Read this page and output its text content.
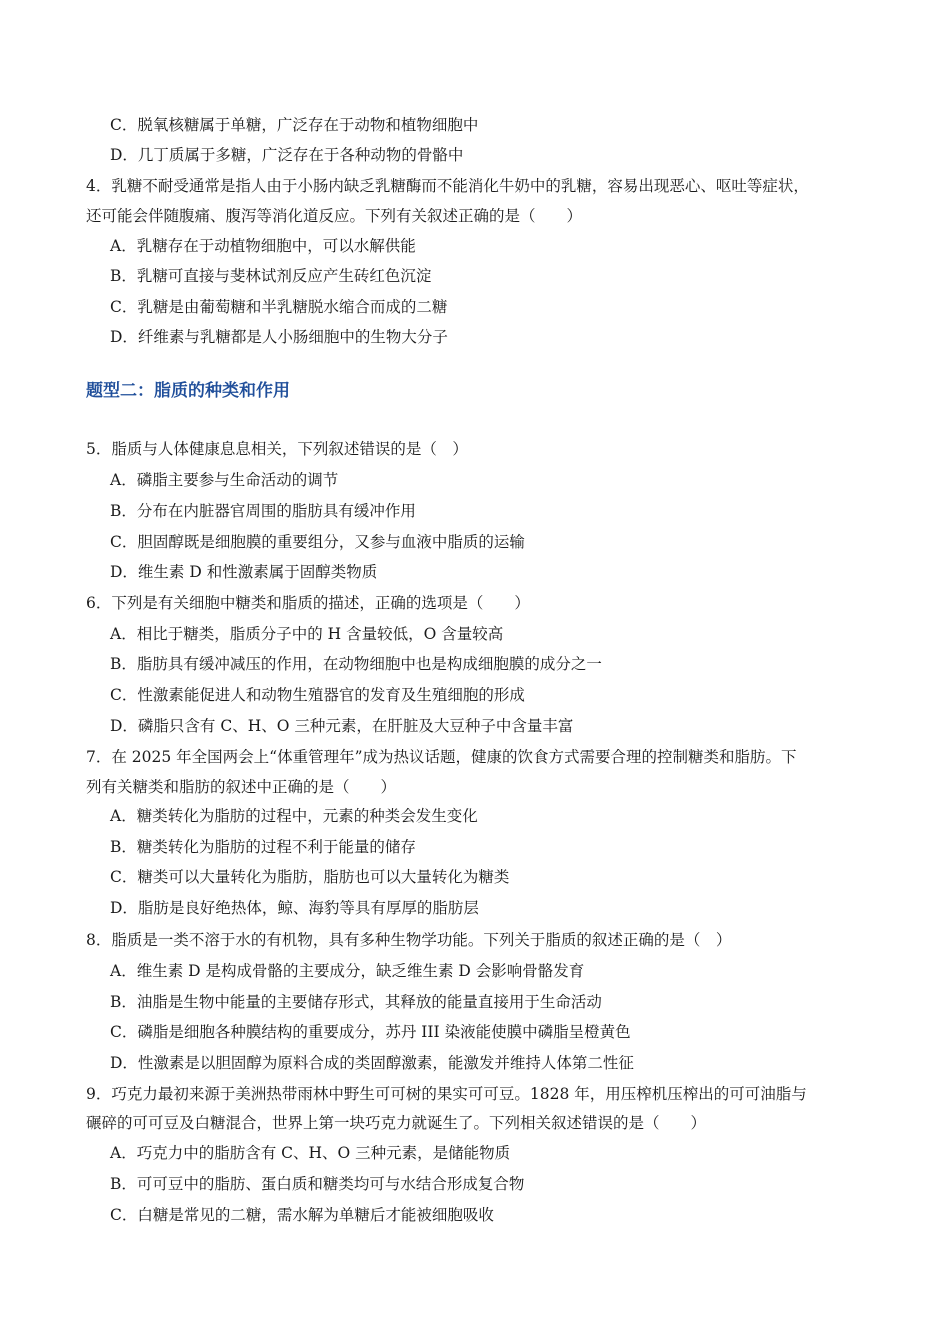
C．脱氧核糖属于单糖，广泛存在于动物和植物细胞中
D．几丁质属于多糖，广泛存在于各种动物的骨骼中
4．乳糖不耐受通常是指人由于小肠内缺乏乳糖酶而不能消化牛奶中的乳糖，容易出现恶心、呕吐等症状，
还可能会伴随腹痛、腹泻等消化道反应。下列有关叙述正确的是（　　）
A．乳糖存在于动植物细胞中，可以水解供能
B．乳糖可直接与斐林试剂反应产生砖红色沉淀
C．乳糖是由葡萄糖和半乳糖脱水缩合而成的二糖
D．纤维素与乳糖都是人小肠细胞中的生物大分子
题型二：脂质的种类和作用
5．脂质与人体健康息息相关，下列叙述错误的是（　）
A．磷脂主要参与生命活动的调节
B．分布在内脏器官周围的脂肪具有缓冲作用
C．胆固醇既是细胞膜的重要组分，又参与血液中脂质的运输
D．维生素 D 和性激素属于固醇类物质
6．下列是有关细胞中糖类和脂质的描述，正确的选项是（　　）
A．相比于糖类，脂质分子中的 H 含量较低，O 含量较高
B．脂肪具有缓冲减压的作用，在动物细胞中也是构成细胞膜的成分之一
C．性激素能促进人和动物生殖器官的发育及生殖细胞的形成
D．磷脂只含有 C、H、O 三种元素，在肝脏及大豆种子中含量丰富
7．在 2025 年全国两会上“体重管理年”成为热议话题，健康的饮食方式需要合理的控制糖类和脂肪。下
列有关糖类和脂肪的叙述中正确的是（　　）
A．糖类转化为脂肪的过程中，元素的种类会发生变化
B．糖类转化为脂肪的过程不利于能量的储存
C．糖类可以大量转化为脂肪，脂肪也可以大量转化为糖类
D．脂肪是良好绝热体，鲸、海豹等具有厚厚的脂肪层
8．脂质是一类不溶于水的有机物，具有多种生物学功能。下列关于脂质的叙述正确的是（　）
A．维生素 D 是构成骨骼的主要成分，缺乏维生素 D 会影响骨骼发育
B．油脂是生物中能量的主要储存形式，其释放的能量直接用于生命活动
C．磷脂是细胞各种膜结构的重要成分，苏丹 III 染液能使膜中磷脂呈橙黄色
D．性激素是以胆固醇为原料合成的类固醇激素，能激发并维持人体第二性征
9．巧克力最初来源于美洲热带雨林中野生可可树的果实可可豆。1828 年，用压榨机压榨出的可可油脂与
碾碎的可可豆及白糖混合，世界上第一块巧克力就诞生了。下列相关叙述错误的是（　　）
A．巧克力中的脂肪含有 C、H、O 三种元素，是储能物质
B．可可豆中的脂肪、蛋白质和糖类均可与水结合形成复合物
C．白糖是常见的二糖，需水解为单糖后才能被细胞吸收
